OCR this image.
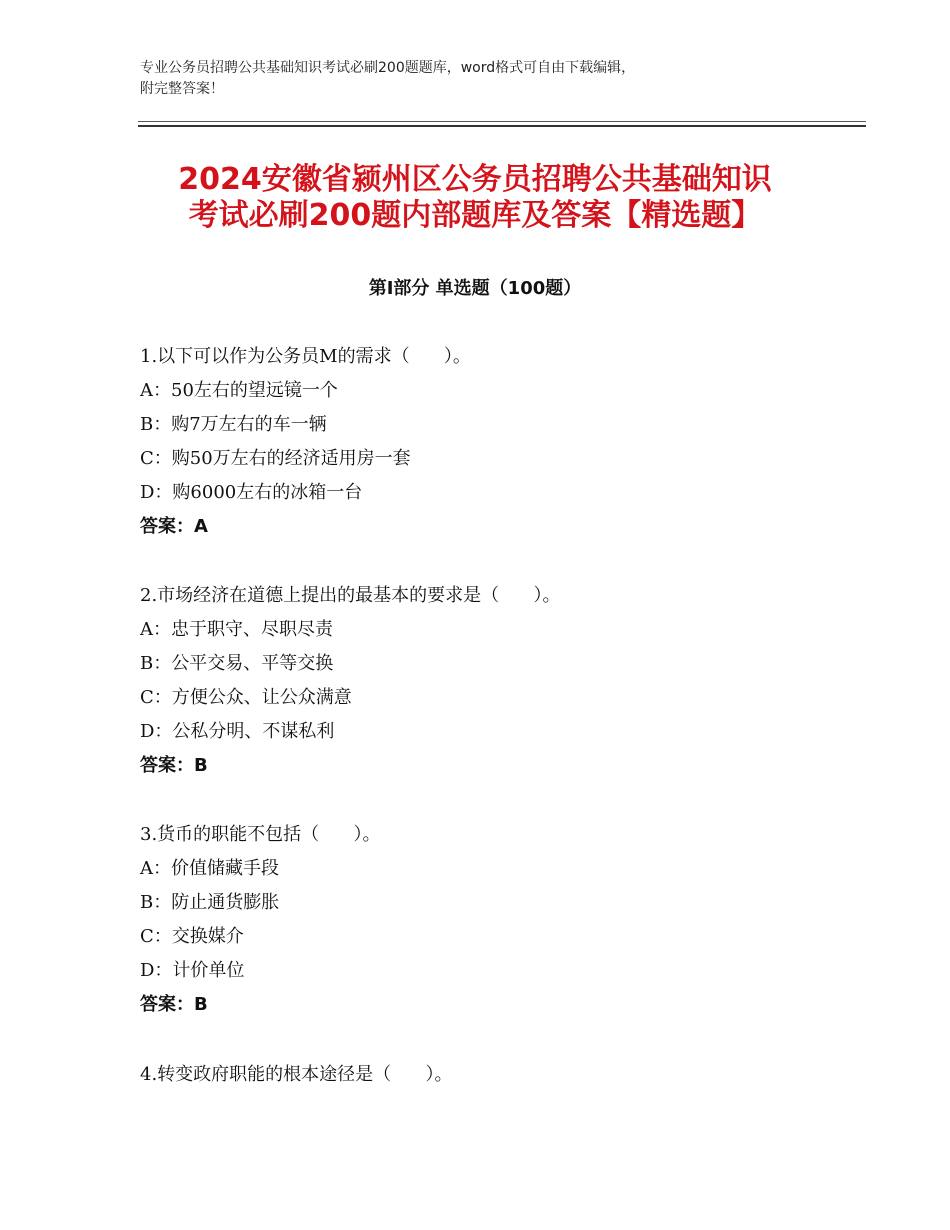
专业公务员招聘公共基础知识考试必刷200题题库，word格式可自由下载编辑，
附完整答案！
2024安徽省颍州区公务员招聘公共基础知识
考试必刷200题内部题库及答案【精选题】
第Ⅰ部分 单选题（100题）
1.以下可以作为公务员M的需求（      ）。
A：50左右的望远镜一个
B：购7万左右的车一辆
C：购50万左右的经济适用房一套
D：购6000左右的冰箱一台
答案：A
2.市场经济在道德上提出的最基本的要求是（      ）。
A：忠于职守、尽职尽责
B：公平交易、平等交换
C：方便公众、让公众满意
D：公私分明、不谋私利
答案：B
3.货币的职能不包括（      ）。
A：价值储藏手段
B：防止通货膨胀
C：交换媒介
D：计价单位
答案：B
4.转变政府职能的根本途径是（      ）。
